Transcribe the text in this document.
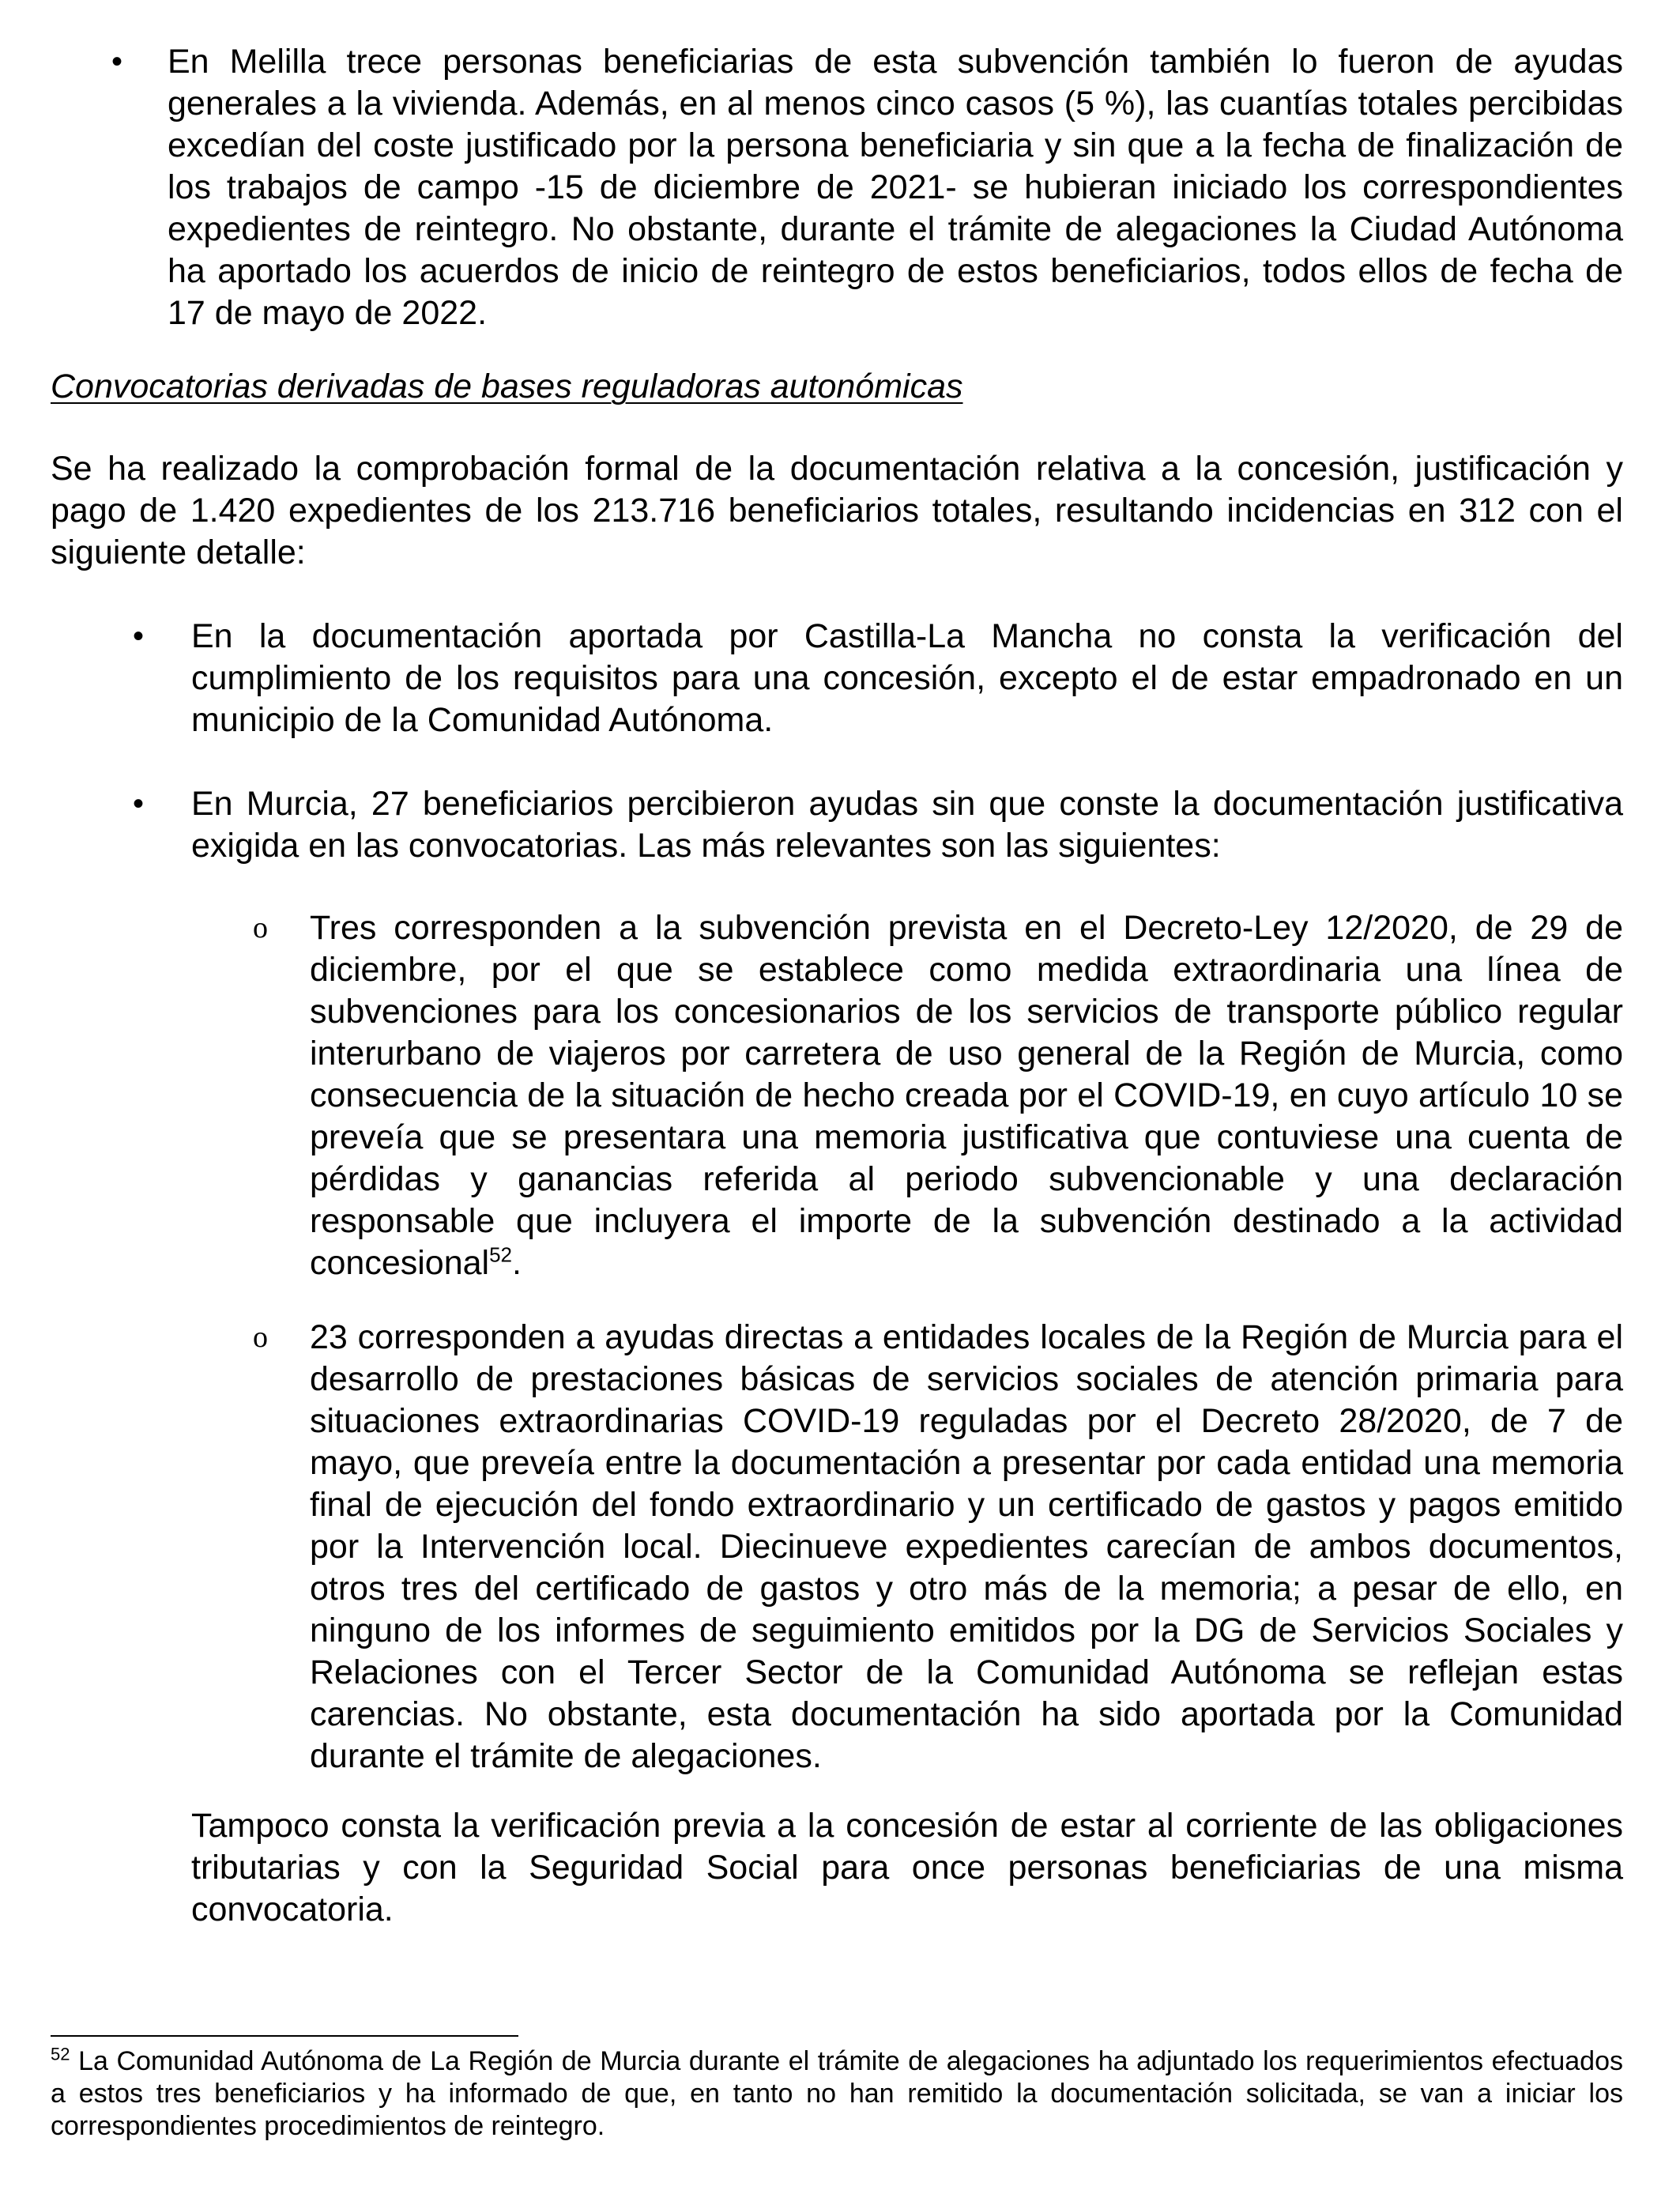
• En Melilla trece personas beneficiarias de esta subvención también lo fueron de ayudas generales a la vivienda. Además, en al menos cinco casos (5 %), las cuantías totales percibidas excedían del coste justificado por la persona beneficiaria y sin que a la fecha de finalización de los trabajos de campo -15 de diciembre de 2021- se hubieran iniciado los correspondientes expedientes de reintegro. No obstante, durante el trámite de alegaciones la Ciudad Autónoma ha aportado los acuerdos de inicio de reintegro de estos beneficiarios, todos ellos de fecha de 17 de mayo de 2022.
Convocatorias derivadas de bases reguladoras autonómicas
Se ha realizado la comprobación formal de la documentación relativa a la concesión, justificación y pago de 1.420 expedientes de los 213.716 beneficiarios totales, resultando incidencias en 312 con el siguiente detalle:
• En la documentación aportada por Castilla-La Mancha no consta la verificación del cumplimiento de los requisitos para una concesión, excepto el de estar empadronado en un municipio de la Comunidad Autónoma.
• En Murcia, 27 beneficiarios percibieron ayudas sin que conste la documentación justificativa exigida en las convocatorias. Las más relevantes son las siguientes:
o Tres corresponden a la subvención prevista en el Decreto-Ley 12/2020, de 29 de diciembre, por el que se establece como medida extraordinaria una línea de subvenciones para los concesionarios de los servicios de transporte público regular interurbano de viajeros por carretera de uso general de la Región de Murcia, como consecuencia de la situación de hecho creada por el COVID-19, en cuyo artículo 10 se preveía que se presentara una memoria justificativa que contuviese una cuenta de pérdidas y ganancias referida al periodo subvencionable y una declaración responsable que incluyera el importe de la subvención destinado a la actividad concesional$^{52}$.
o 23 corresponden a ayudas directas a entidades locales de la Región de Murcia para el desarrollo de prestaciones básicas de servicios sociales de atención primaria para situaciones extraordinarias COVID-19 reguladas por el Decreto 28/2020, de 7 de mayo, que preveía entre la documentación a presentar por cada entidad una memoria final de ejecución del fondo extraordinario y un certificado de gastos y pagos emitido por la Intervención local. Diecinueve expedientes carecían de ambos documentos, otros tres del certificado de gastos y otro más de la memoria; a pesar de ello, en ninguno de los informes de seguimiento emitidos por la DG de Servicios Sociales y Relaciones con el Tercer Sector de la Comunidad Autónoma se reflejan estas carencias. No obstante, esta documentación ha sido aportada por la Comunidad durante el trámite de alegaciones.
Tampoco consta la verificación previa a la concesión de estar al corriente de las obligaciones tributarias y con la Seguridad Social para once personas beneficiarias de una misma convocatoria.
$^{52}$ La Comunidad Autónoma de La Región de Murcia durante el trámite de alegaciones ha adjuntado los requerimientos efectuados a estos tres beneficiarios y ha informado de que, en tanto no han remitido la documentación solicitada, se van a iniciar los correspondientes procedimientos de reintegro.
